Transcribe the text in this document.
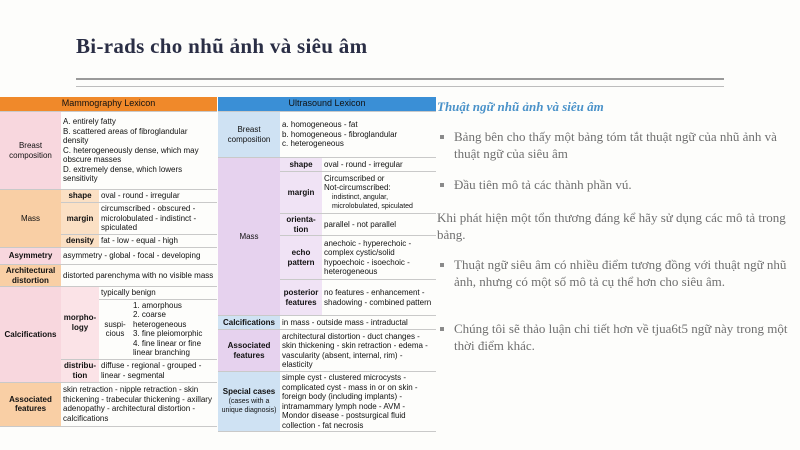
Bi-rads cho nhũ ảnh và siêu âm
Mammography Lexicon			
Breast composition	A. entirely fatty
B. scattered areas of fibroglandular density
C. heterogeneously dense, which may obscure masses
D. extremely dense, which lowers sensitivity		

Mass	shape	oval - round - irregular	
	margin	circumscribed - obscured - microlobulated - indistinct - spiculated	
	density	fat - low - equal - high	
Asymmetry	asymmetry - global - focal - developing		
Architectural distortion	distorted parenchyma with no visible mass		
Calcifications	morpho- logy	typically benign	
		suspi- cious	1. amorphous
2. coarse heterogeneous
3. fine pleiomorphic
4. fine linear or fine linear branching

	distribu- tion	diffuse - regional - grouped - linear - segmental	
Associated features	skin retraction - nipple retraction - skin thickening - trabecular thickening - axillary adenopathy - architectural distortion - calcifications		
Ultrasound Lexicon		
Breast composition	a. homogeneous - fat
b. homogeneous - fibroglandular
c. heterogeneous	

Mass	shape	oval - round - irregular
	margin	Circumscribed or
Not-circumscribed:
indistinct, angular, microlobulated, spiculated

	orienta- tion	parallel - not parallel
	echo pattern	anechoic - hyperechoic - complex cystic/solid hypoechoic - isoechoic - heterogeneous
	posterior features	no features - enhancement - shadowing - combined pattern
Calcifications	in mass - outside mass - intraductal	
Associated features	architectural distortion - duct changes - skin thickening - skin retraction - edema - vascularity (absent, internal, rim) - elasticity	

Special cases
(cases with a unique diagnosis)	simple cyst - clustered microcysts - complicated cyst - mass in or on skin - foreign body (including implants) - intramammary lymph node - AVM - Mondor disease - postsurgical fluid collection - fat necrosis	
Thuật ngữ nhũ ảnh và siêu âm
Bảng bên cho thấy một bảng tóm tắt thuật ngữ của nhũ ảnh và thuật ngữ của siêu âm
Đầu tiên mô tả các thành phần vú.
Khi phát hiện một tổn thương đáng kể hãy sử dụng các mô tả trong bảng.
Thuật ngữ siêu âm có nhiều điểm tương đồng với thuật ngữ nhũ ảnh, nhưng có một số mô tả cụ thể hơn cho siêu âm.
Chúng tôi sẽ thảo luận chi tiết hơn về tjua6t5 ngữ này trong một thời điểm khác.
